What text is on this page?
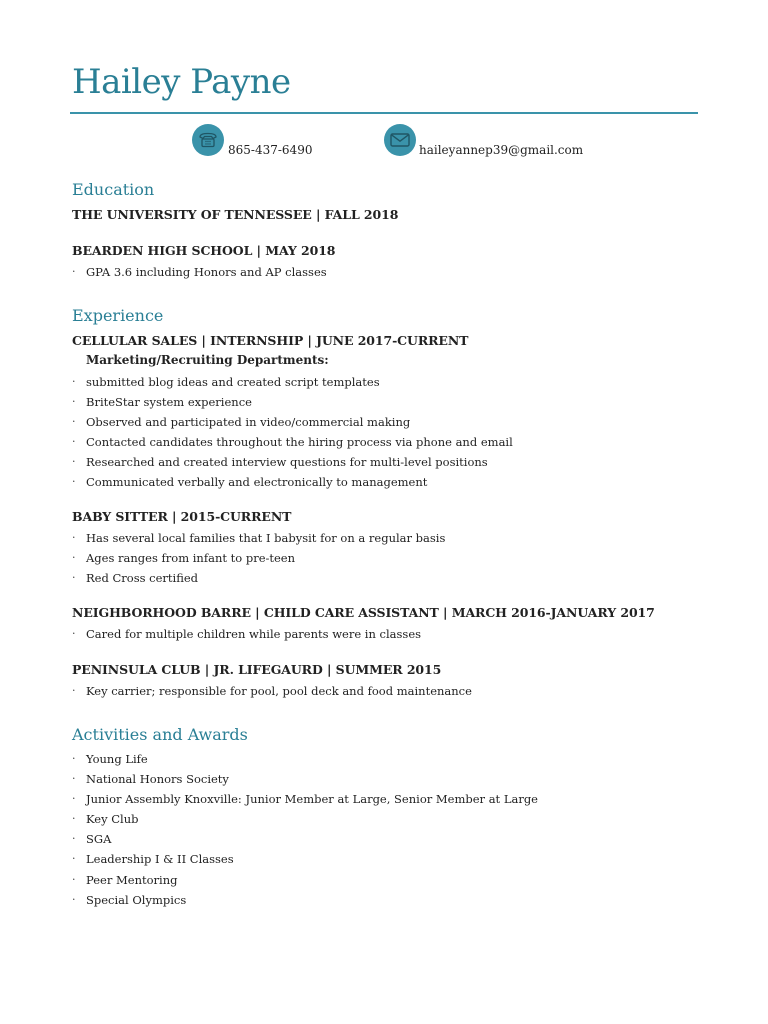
Hailey Payne
865-437-6490	haileyannep39@gmail.com
Education
THE UNIVERSITY OF TENNESSEE | FALL 2018
BEARDEN HIGH SCHOOL | MAY 2018
· GPA 3.6 including Honors and AP classes
Experience
CELLULAR SALES | INTERNSHIP | JUNE 2017-CURRENT

Marketing/Recruiting Departments:

· submitted blog ideas and created script templates
· BriteStar system experience
· Observed and participated in video/commercial making
· Contacted candidates throughout the hiring process via phone and email
· Researched and created interview questions for multi-level positions
· Communicated verbally and electronically to management
BABY SITTER | 2015-CURRENT
· Has several local families that I babysit for on a regular basis
· Ages ranges from infant to pre-teen
· Red Cross certified
NEIGHBORHOOD BARRE | CHILD CARE ASSISTANT | MARCH 2016-JANUARY 2017
· Cared for multiple children while parents were in classes
PENINSULA CLUB | JR. LIFEGAURD | SUMMER 2015
· Key carrier; responsible for pool, pool deck and food maintenance
Activities and Awards
· Young Life
· National Honors Society
· Junior Assembly Knoxville: Junior Member at Large, Senior Member at Large
· Key Club
· SGA
· Leadership I & II Classes
· Peer Mentoring
· Special Olympics
